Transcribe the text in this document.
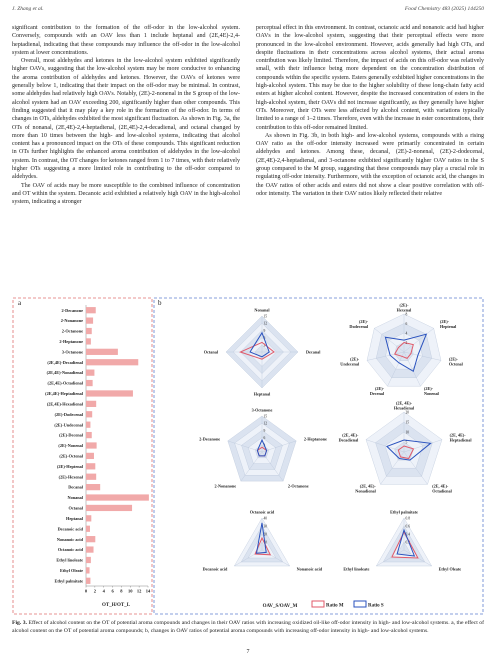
J. Zhang et al.	Food Chemistry 483 (2025) 144250

significant contribution to the formation of the off-odor in the low-alcohol system. Conversely, compounds with an OAV less than 1 include heptanal and (2E,4E)-2,4-heptadienal, indicating that these compounds may influence the off-odor in the low-alcohol system at lower concentrations.

Overall, most aldehydes and ketones in the low-alcohol system exhibited significantly higher OAVs, suggesting that the low-alcohol system may be more conducive to enhancing the aroma contribution of aldehydes and ketones. However, the OAVs of ketones were generally below 1, indicating that their impact on the off-odor may be minimal. In contrast, some aldehydes had relatively high OAVs. Notably, (2E)-2-nonenal in the S group of the low-alcohol system had an OAV exceeding 200, significantly higher than other compounds. This finding suggested that it may play a key role in the formation of the off-odor. In terms of changes in OTs, aldehydes exhibited the most significant fluctuation. As shown in Fig. 3a, the OTs of nonanal, (2E,4E)-2,4-heptadienal, (2E,4E)-2,4-decadienal, and octanal changed by more than 10 times between the high- and low-alcohol systems, indicating that alcohol content has a pronounced impact on the OTs of these compounds. This significant reduction in OTs further highlights the enhanced aroma contribution of aldehydes in the low-alcohol system. In contrast, the OT changes for ketones ranged from 1 to 7 times, with their relatively higher OTs suggesting a more limited role in contributing to the off-odor compared to aldehydes.

The OAV of acids may be more susceptible to the combined influence of concentration and OT within the system. Decanoic acid exhibited a relatively high OAV in the high-alcohol system, indicating a stronger

perceptual effect in this environment. In contrast, octanoic acid and nonanoic acid had higher OAVs in the low-alcohol system, suggesting that their perceptual effects were more pronounced in the low-alcohol environment. However, acids generally had high OTs, and despite fluctuations in their concentrations across alcohol systems, their actual aroma contribution was likely limited. Therefore, the impact of acids on this off-odor was relatively small, with their influence being more dependent on the concentration distribution of compounds within the specific system. Esters generally exhibited higher concentrations in the high-alcohol system. This may be due to the higher solubility of these long-chain fatty acid esters at higher alcohol content. However, despite the increased concentration of esters in the high-alcohol system, their OAVs did not increase significantly, as they generally have higher OTs. Moreover, their OTs were less affected by alcohol content, with variations typically limited to a range of 1–2 times. Therefore, even with the increase in ester concentrations, their contribution to this off-odor remained limited.

As shown in Fig. 3b, in both high- and low-alcohol systems, compounds with a rising OAV ratio as the off-odor intensity increased were primarily concentrated in certain aldehydes and ketones. Among these, decanal, (2E)-2-nonenal, (2E)-2-dodecenal, (2E,4E)-2,4-heptadienal, and 3-octanone exhibited significantly higher OAV ratios in the S group compared to the M group, suggesting that these compounds may play a crucial role in regulating off-odor intensity. Furthermore, with the exception of octanoic acid, the changes in the OAV ratios of other acids and esters did not show a clear positive correlation with off-odor intensity. The variation in their OAV ratios likely reflected their relative

a
2-Decanone
2-Nonanone
2-Octanone
2-Heptanone
3-Octanone
(2E,4E)-Decadienal
(2E,4E)-Nonadienal
(2E,4E)-Octadienal
(2E,4E)-Heptadienal
(2E,4E)-Hexadienal
(2E)-Dodecenal
(2E)-Undecenal
(2E)-Decenal
(2E)-Nonenal
(2E)-Octenal
(2E)-Heptenal
(2E)-Hexenal
Decanal
Nonanal
Octanal
Heptanal
Decanoic acid
Nonanoic acid
Octanoic acid
Ethyl linoleate
Ethyl Oleate
Ethyl palmitate
0 2 4 6 8 10 12 14
OT_H/OT_L
b
3
6
9
12
15
Nonanal
Decanal
Heptanal
Octanal
2
4
6
8
(2E)-
Hexenal
(2E)-
Heptenal
(2E)-
Octenal
(2E)-
Nonenal
(2E)-
Decenal
(2E)-
Undecenal
(2E)-
Dodecenal
3
6
9
12
15
3-Octanone
2-Heptanone
2-Octanone
2-Nonanone
2-Decanone
5
10
15
20
(2E, 4E)-
Hexadienal
(2E, 4E)-
Heptadienal
(2E, 4E)-
Octadienal
(2E, 4E)-
Nonadienal
(2E, 4E)-
Decadienal
10
20
30
40
Octanoic acid
Nonanoic acid
Decanoic acid
0.2
0.4
0.6
0.8
Ethyl palmitate
Ethyl Oleate
Ethyl linoleate
OAV_S/OAV_M	Ratio M	Ratio S
Fig. 3. Effect of alcohol content on the OT of potential aroma compounds and changes in their OAV ratios with increasing oxidized oil-like off-odor intensity in high- and low-alcohol systems. a, the effect of alcohol content on the OT of potential aroma compounds; b, changes in OAV ratios of potential aroma compounds with increasing off-odor intensity in high- and low-alcohol systems.
7
